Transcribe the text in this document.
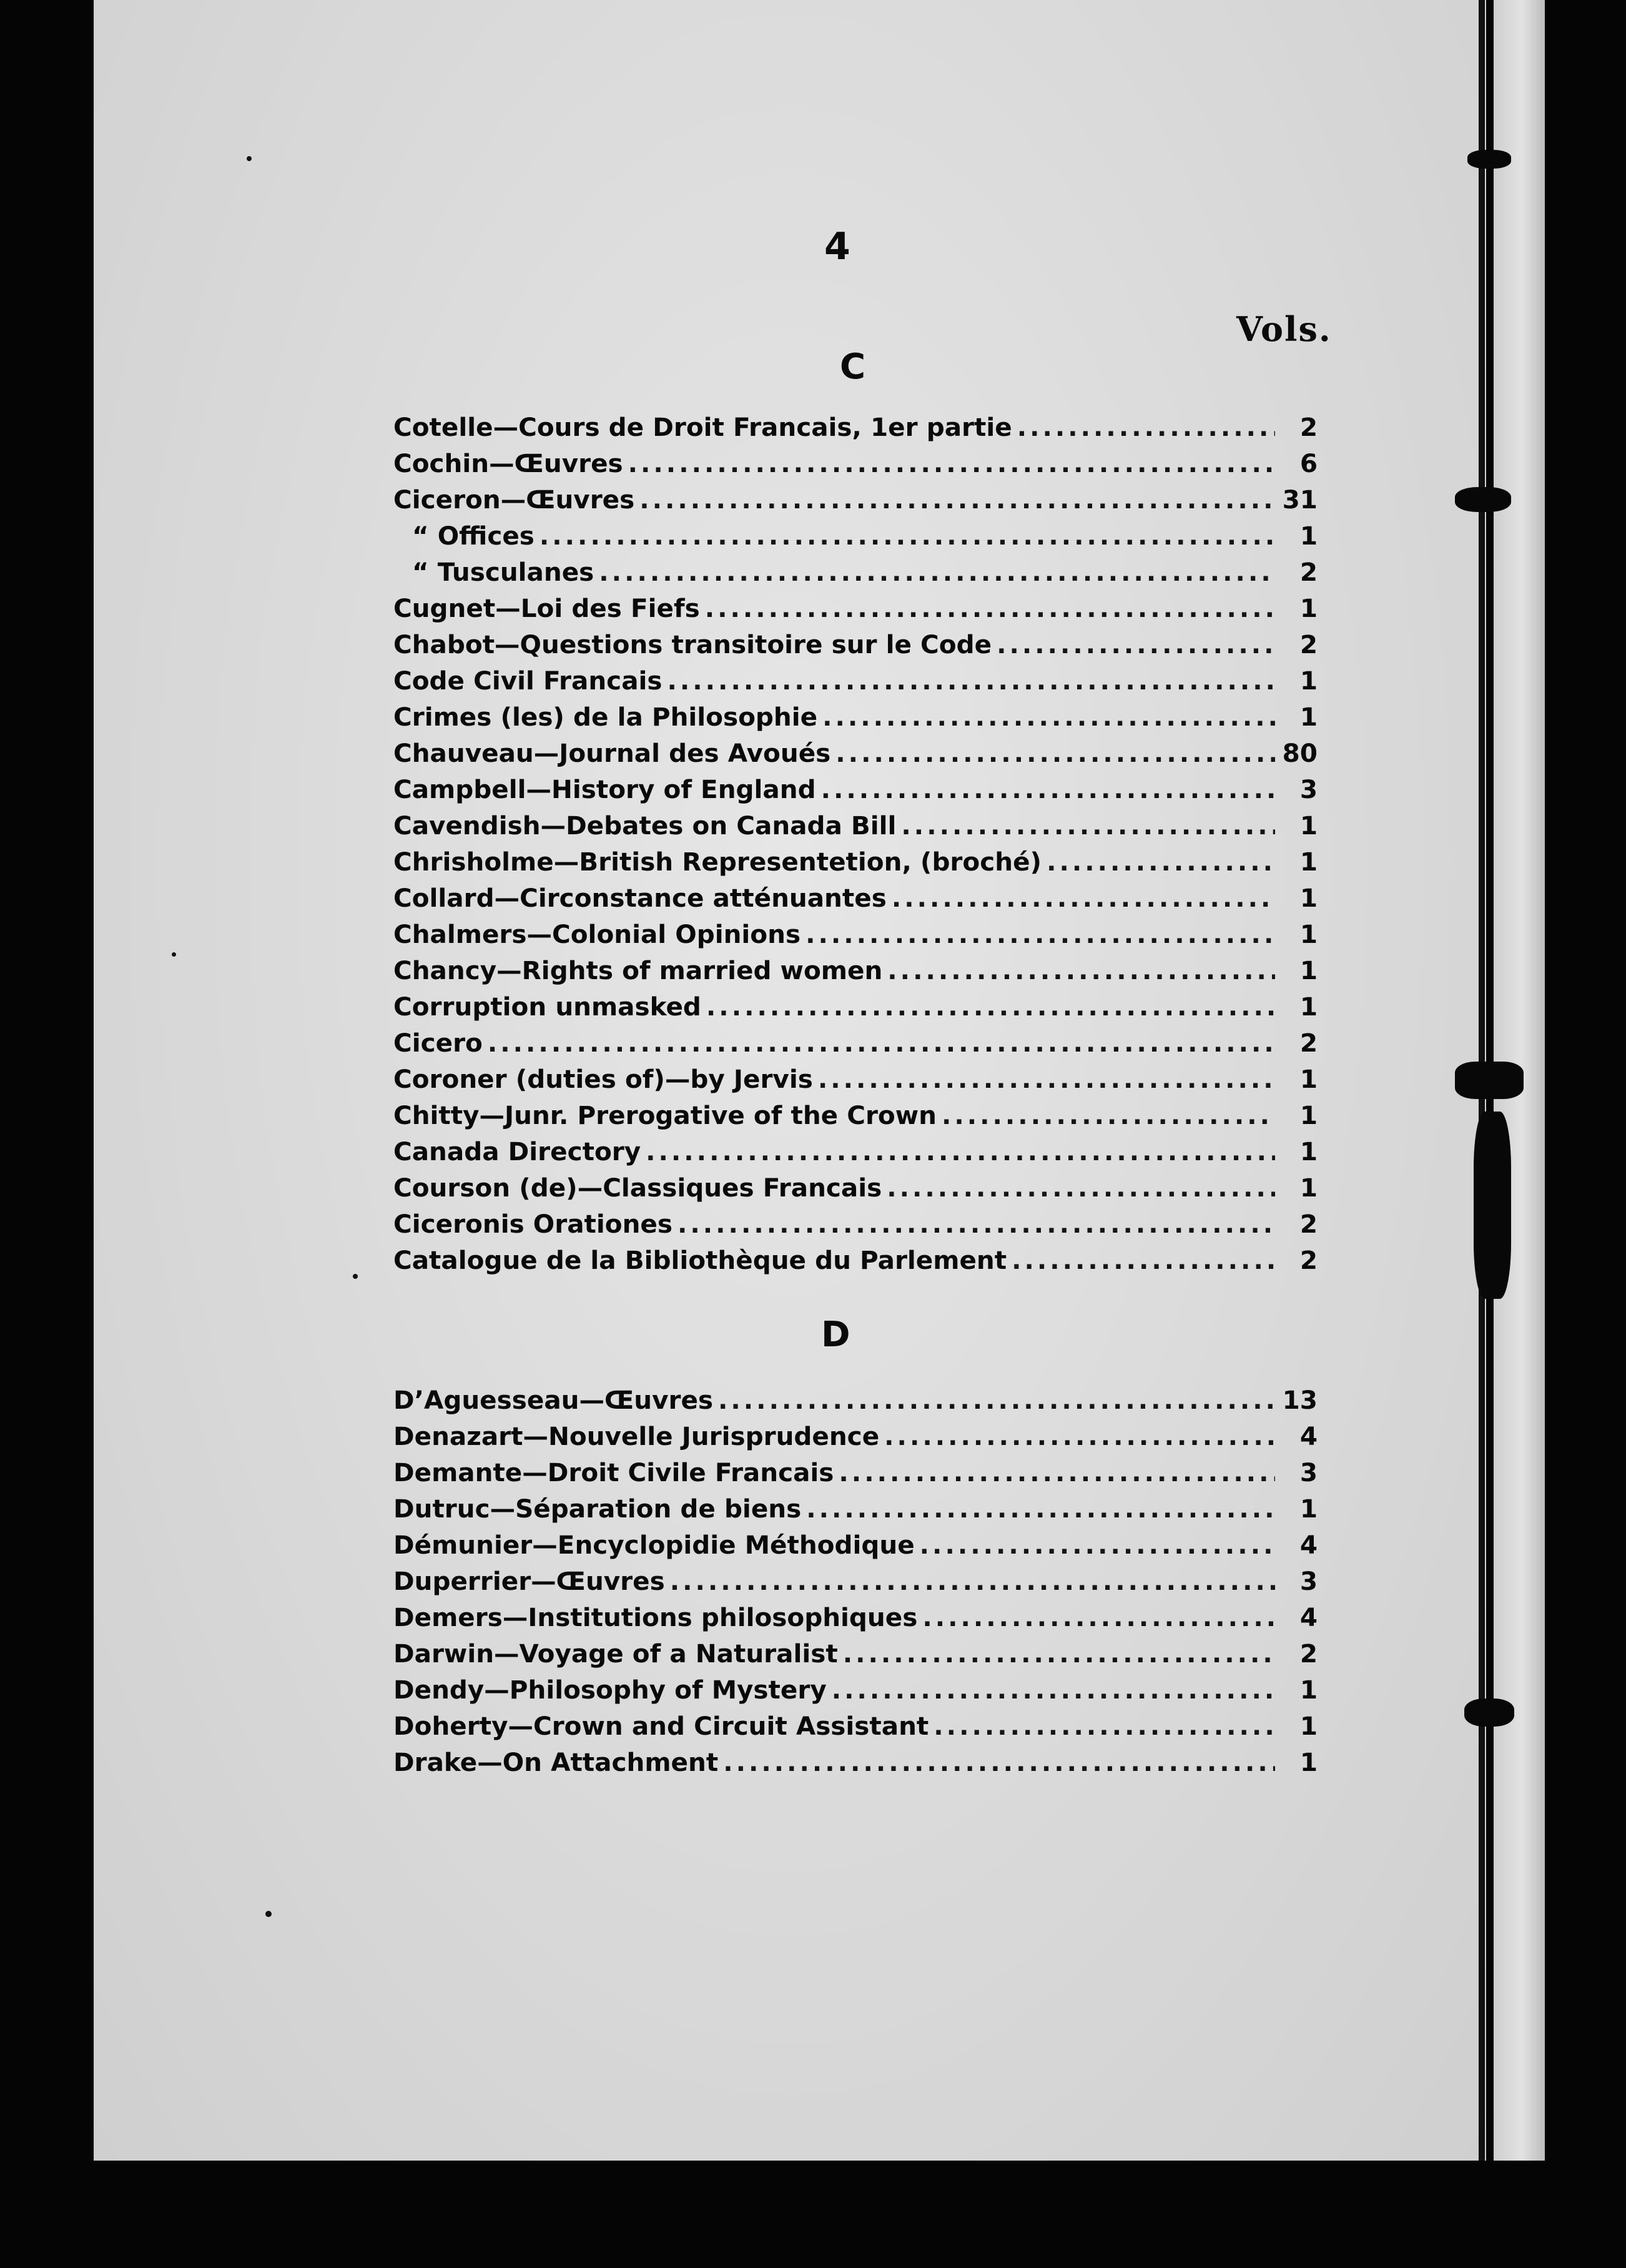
4
Vols.
C
Cotelle—Cours de Droit Francais, 1er partie .....	2
Cochin—Œuvres .....	6
Ciceron—Œuvres .....	31
“ Offices .....	1
“ Tusculanes .....	2
Cugnet—Loi des Fiefs .....	1
Chabot—Questions transitoire sur le Code .....	2
Code Civil Francais .....	1
Crimes (les) de la Philosophie .....	1
Chauveau—Journal des Avoués .....	80
Campbell—History of England .....	3
Cavendish—Debates on Canada Bill .....	1
Chrisholme—British Representetion, (broché) .....	1
Collard—Circonstance atténuantes .....	1
Chalmers—Colonial Opinions .....	1
Chancy—Rights of married women .....	1
Corruption unmasked .....	1
Cicero .....	2
Coroner (duties of)—by Jervis .....	1
Chitty—Junr. Prerogative of the Crown .....	1
Canada Directory .....	1
Courson (de)—Classiques Francais .....	1
Ciceronis Orationes .....	2
Catalogue de la Bibliothèque du Parlement .....	2
D
D’Aguesseau—Œuvres .....	13
Denazart—Nouvelle Jurisprudence .....	4
Demante—Droit Civile Francais .....	3
Dutruc—Séparation de biens .....	1
Démunier—Encyclopidie Méthodique .....	4
Duperrier—Œuvres .....	3
Demers—Institutions philosophiques .....	4
Darwin—Voyage of a Naturalist .....	2
Dendy—Philosophy of Mystery .....	1
Doherty—Crown and Circuit Assistant .....	1
Drake—On Attachment .....	1
